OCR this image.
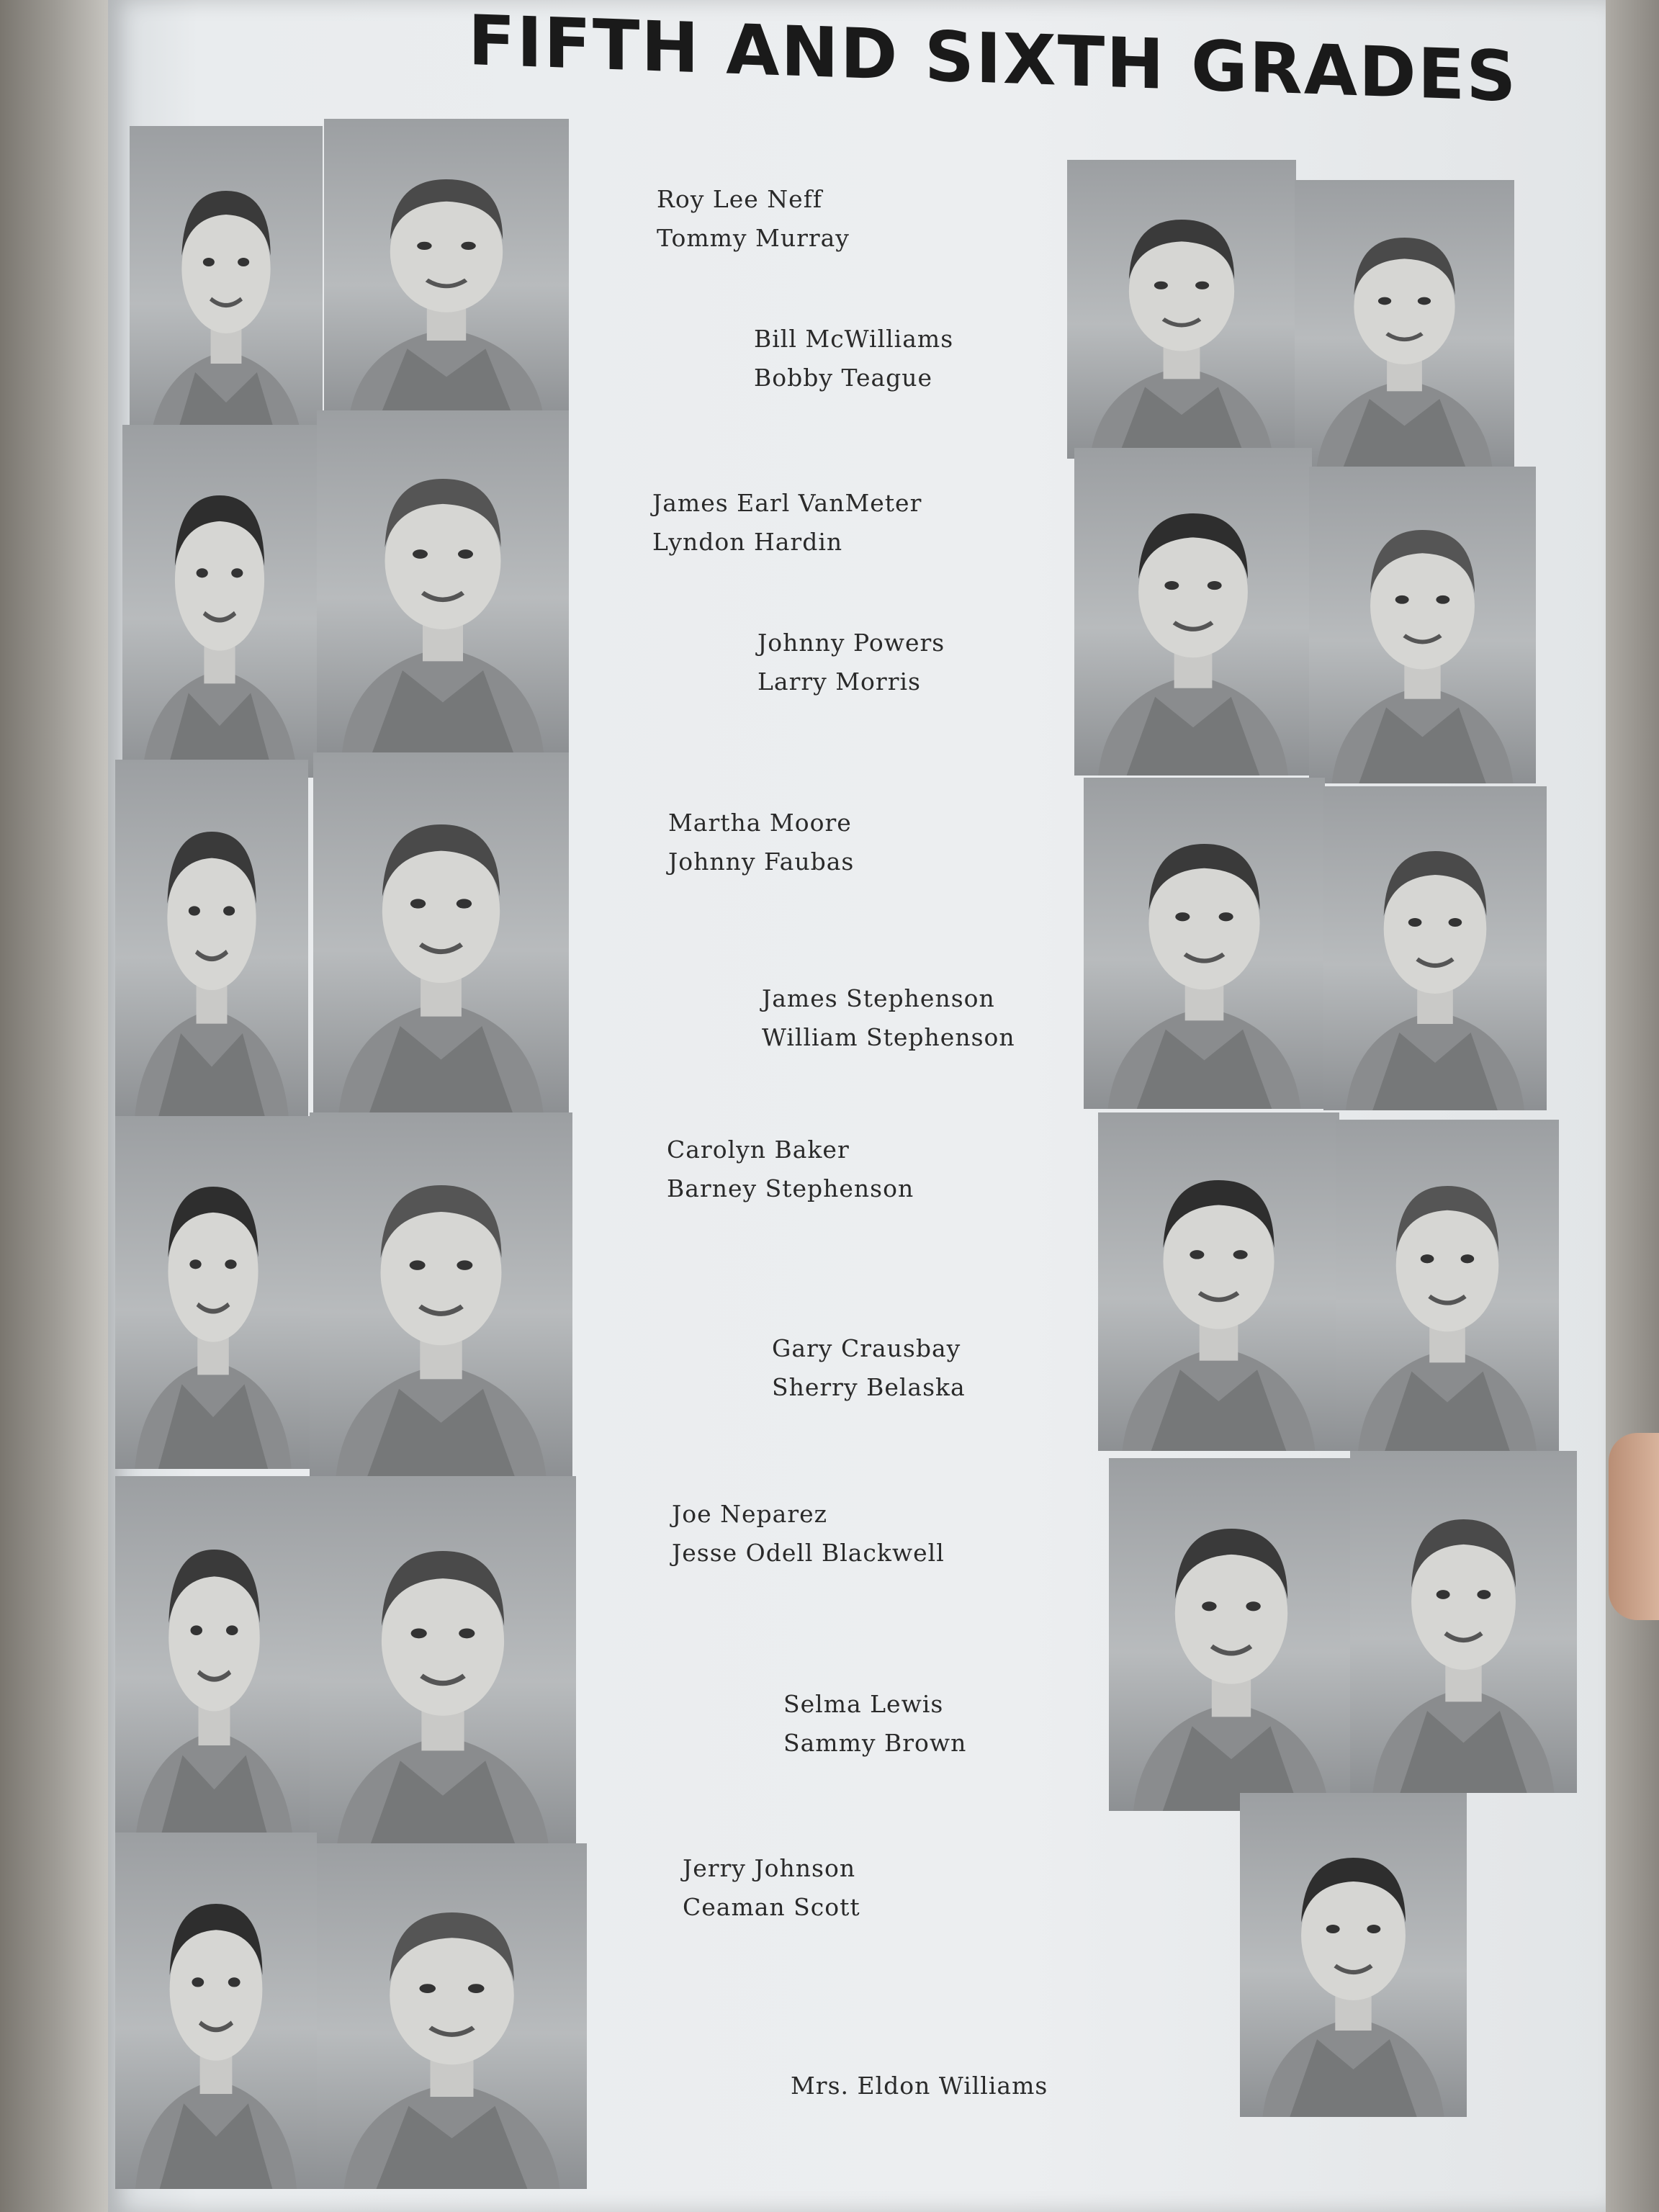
FIFTH AND SIXTH GRADES
Roy Lee Neff
Tommy Murray
Bill McWilliams
Bobby Teague
James Earl VanMeter
Lyndon Hardin
Johnny Powers
Larry Morris
Martha Moore
Johnny Faubas
James Stephenson
William Stephenson
Carolyn Baker
Barney Stephenson
Gary Crausbay
Sherry Belaska
Joe Neparez
Jesse Odell Blackwell
Selma Lewis
Sammy Brown
Jerry Johnson
Ceaman Scott
Mrs. Eldon Williams
